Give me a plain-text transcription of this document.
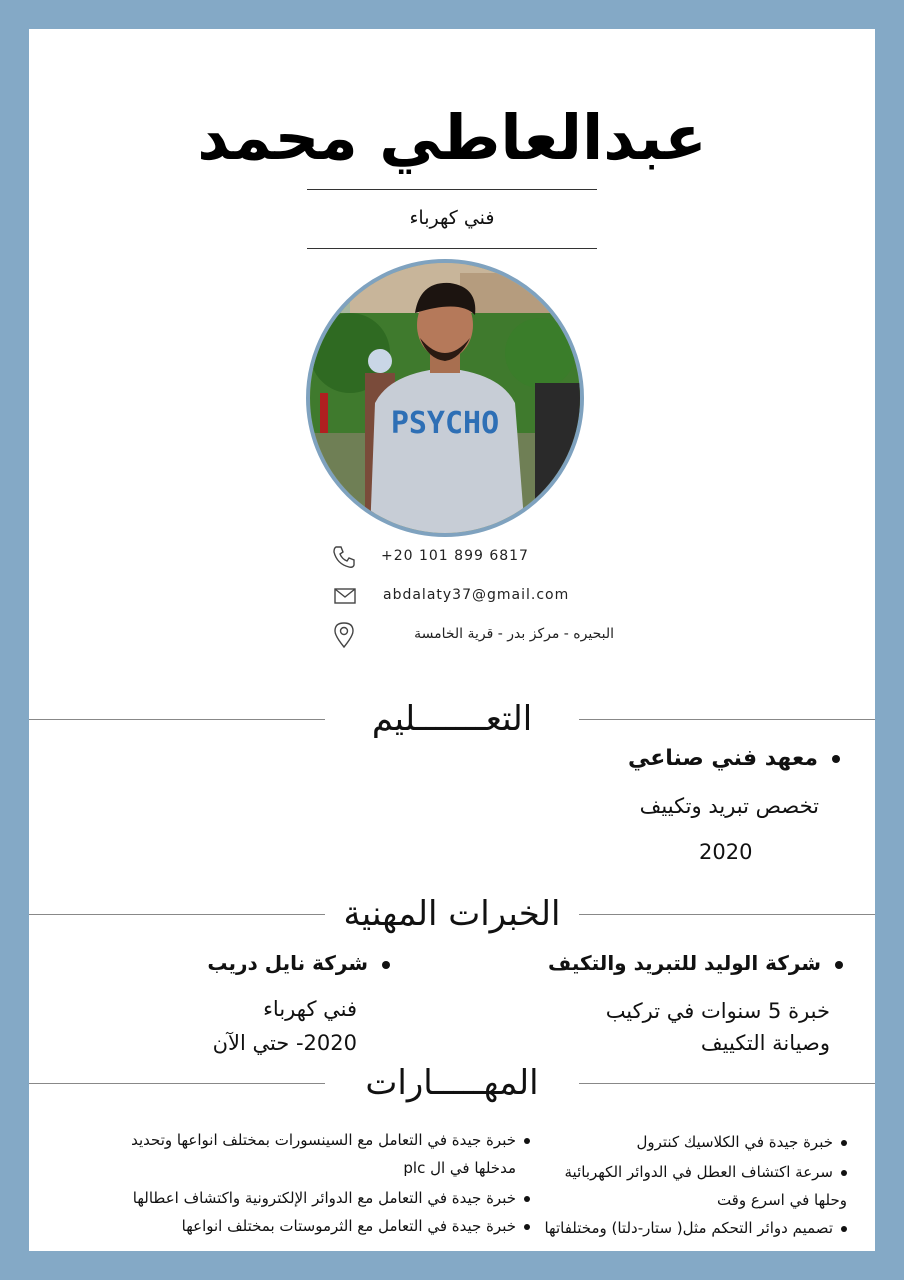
عبدالعاطي محمد
فني كهرباء
PSYCHO
+20 101 899 6817
abdalaty37@gmail.com
البحيره - مركز بدر - قرية الخامسة
التعـــــــليم
معهد فني صناعي
تخصص تبريد وتكييف
2020
الخبرات المهنية
شركة الوليد للتبريد والتكيف
خبرة 5 سنوات في تركيب
وصيانة التكييف
شركة نايل دريب
فني كهرباء
2020- حتي الآن
المهـــــارات
خبرة جيدة في الكلاسيك كنترول
سرعة اكتشاف العطل في الدوائر الكهربائية
وحلها في اسرع وقت
تصميم دوائر التحكم مثل( ستار-دلتا) ومختلفاتها
خبرة جيدة في التعامل مع السينسورات بمختلف انواعها وتحديد
مدخلها في ال plc
خبرة جيدة في التعامل مع الدوائر الإلكترونية واكتشاف اعطالها
خبرة جيدة في التعامل مع الثرموستات بمختلف انواعها
